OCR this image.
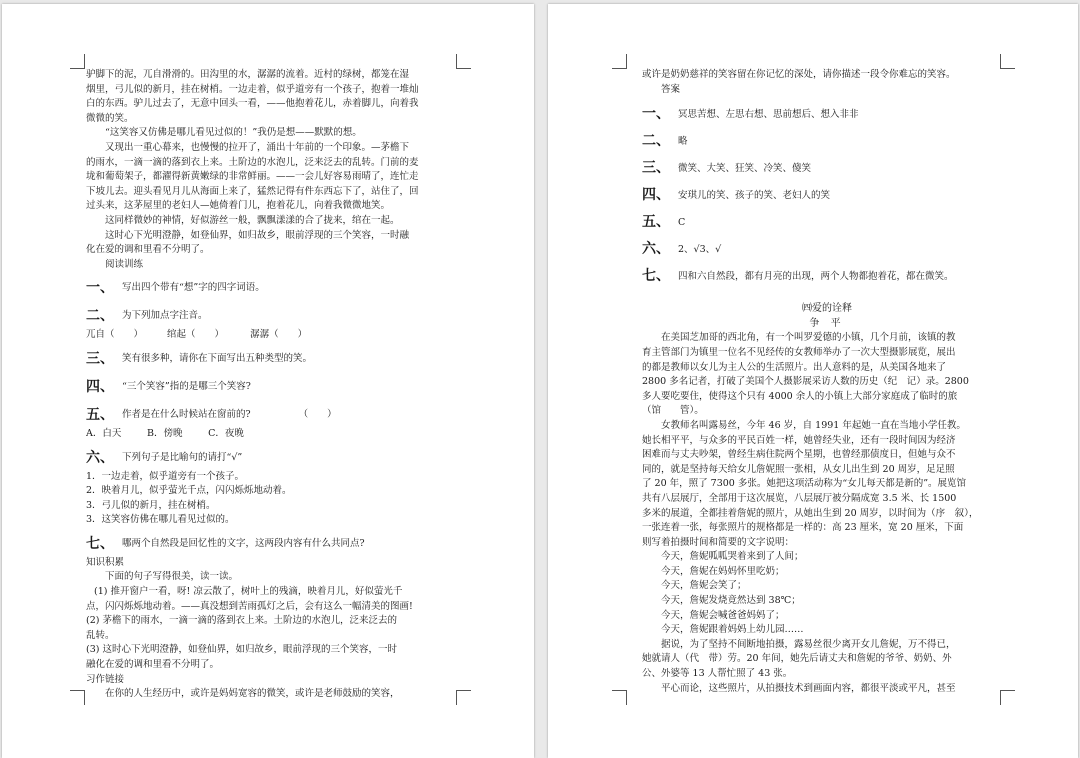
驴脚下的泥，兀自滑滑的。田沟里的水，潺潺的流着。近村的绿树，都笼在湿
烟里，弓儿似的新月，挂在树梢。一边走着，似乎道旁有一个孩子，抱着一堆灿
白的东西。驴儿过去了，无意中回头一看，——他抱着花儿，赤着脚儿，向着我
微微的笑。
“这笑容又仿佛是哪儿看见过似的！”我仍是想——默默的想。
又现出一重心幕来，也慢慢的拉开了，涌出十年前的一个印象。—茅檐下
的雨水，一滴一滴的落到衣上来。土阶边的水泡儿，泛来泛去的乱转。门前的麦
垅和葡萄架子，都濯得新黄嫩绿的非常鲜丽。——一会儿好容易雨晴了，连忙走
下坡儿去。迎头看见月儿从海面上来了，猛然记得有件东西忘下了，站住了，回
过头来，这茅屋里的老妇人—她倚着门儿，抱着花儿，向着我微微地笑。
这同样微妙的神情，好似游丝一般，飘飘漾漾的合了拢来，绾在一起。
这时心下光明澄静，如登仙界，如归故乡，眼前浮现的三个笑容，一时融
化在爱的调和里看不分明了。
阅读训练
一、 写出四个带有“想”字的四字词语。
二、 为下列加点字注音。
兀自（　　）	绾起（　　）	潺潺（　　）
三、 笑有很多种，请你在下面写出五种类型的笑。
四、 “三个笑容”指的是哪三个笑容?
五、 作者是在什么时候站在窗前的?	（　　）
A．白天	B．傍晚	C．夜晚
六、 下列句子是比喻句的请打“√”
1．一边走着，似乎道旁有一个孩子。
2．映着月儿，似乎萤光千点，闪闪烁烁地动着。
3．弓儿似的新月，挂在树梢。
3．这笑容仿佛在哪儿看见过似的。
七、 哪两个自然段是回忆性的文字，这两段内容有什么共同点?
知识积累
下面的句子写得很美，读一读。
(1) 推开窗户一看，呀! 凉云散了，树叶上的残滴，映着月儿，好似萤光千
点，闪闪烁烁地动着。——真没想到苦雨孤灯之后，会有这么一幅清美的图画!
(2) 茅檐下的雨水，一滴一滴的落到衣上来。土阶边的水泡儿，泛来泛去的
乱转。
(3) 这时心下光明澄静，如登仙界，如归故乡，眼前浮现的三个笑容，一时
融化在爱的调和里看不分明了。
习作链接
在你的人生经历中，或许是妈妈宽容的微笑，或许是老师鼓励的笑容，
或许是奶奶慈祥的笑容留在你记忆的深处，请你描述一段令你难忘的笑容。
答案
一、 冥思苦想、左思右想、思前想后、想入非非
二、 略
三、 微笑、大笑、狂笑、冷笑、傻笑
四、 安琪儿的笑、孩子的笑、老妇人的笑
五、 C
六、 2、√3、√
七、 四和六自然段，都有月亮的出现，两个人物都抱着花，都在微笑。
㈣爱的诠释
争 平
在美国芝加哥的西北角，有一个叫罗爱德的小镇，几个月前，该镇的教
育主管部门为镇里一位名不见经传的女教师举办了一次大型摄影展览，展出
的都是教师以女儿为主人公的生活照片。出人意料的是，从美国各地来了
2800 多名记者，打破了美国个人摄影展采访人数的历史（纪　记）录。2800
多人要吃要住，使得这个只有 4000 余人的小镇上大部分家庭成了临时的旅
（馆　　管）。
女教师名叫露易丝，今年 46 岁，自 1991 年起她一直在当地小学任教。
她长相平平，与众多的平民百姓一样，她曾经失业，还有一段时间因为经济
困难而与丈夫吵架，曾经生病住院两个星期，也曾经那债度日，但她与众不
同的，就是坚持每天给女儿詹妮照一张相，从女儿出生到 20 周岁，足足照
了 20 年，照了 7300 多张。她把这项活动称为“女儿每天都是新的”。展览馆
共有八层展厅，全部用于这次展览，八层展厅被分隔成宽 3.5 米、长 1500
多米的展道，全都挂着詹妮的照片，从她出生到 20 周岁，以时间为（序　叙），
一张连着一张，每张照片的规格都是一样的：高 23 厘米，宽 20 厘米，下面
则写着拍摄时间和简要的文字说明：
今天，詹妮呱呱哭着来到了人间；
今天，詹妮在妈妈怀里吃奶；
今天，詹妮会笑了；
今天，詹妮发烧竟然达到 38℃；
今天，詹妮会喊爸爸妈妈了；
今天，詹妮跟着妈妈上幼儿园……
据说，为了坚持不间断地拍摄，露易丝很少离开女儿詹妮，万不得已，
她就请人（代　带）劳。20 年间，她先后请丈夫和詹妮的爷爷、奶奶、外
公、外婆等 13 人帮忙照了 43 张。
平心而论，这些照片，从拍摄技术到画面内容，都很平淡或平凡，甚至
